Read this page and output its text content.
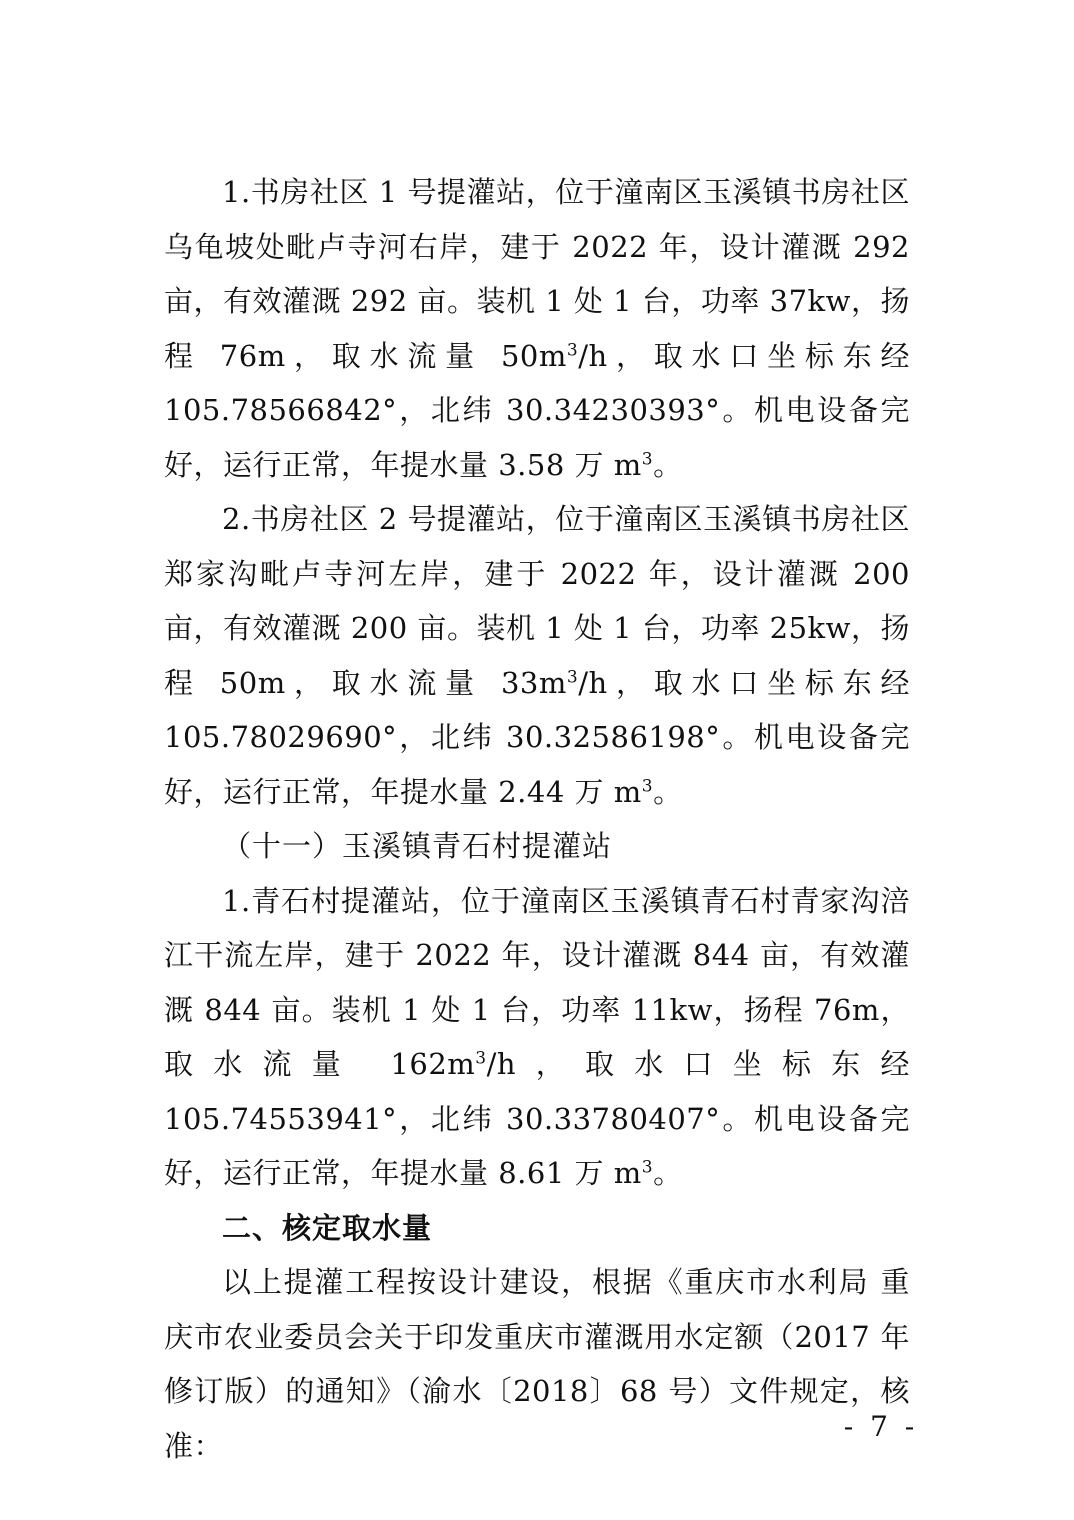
1.书房社区 1 号提灌站，位于潼南区玉溪镇书房社区乌龟坡处毗卢寺河右岸，建于 2022 年，设计灌溉 292 亩，有效灌溉 292 亩。装机 1 处 1 台，功率 37kw，扬程 76m，取水流量 $50m^3/h$，取水口坐标东经 105.78566842°，北纬 30.34230393°。机电设备完好，运行正常，年提水量 3.58 万 $m^3$。

2.书房社区 2 号提灌站，位于潼南区玉溪镇书房社区郑家沟毗卢寺河左岸，建于 2022 年，设计灌溉 200 亩，有效灌溉 200 亩。装机 1 处 1 台，功率 25kw，扬程 50m，取水流量 $33m^3/h$，取水口坐标东经 105.78029690°，北纬 30.32586198°。机电设备完好，运行正常，年提水量 2.44 万 $m^3$。

（十一）玉溪镇青石村提灌站

1.青石村提灌站，位于潼南区玉溪镇青石村青家沟涪江干流左岸，建于 2022 年，设计灌溉 844 亩，有效灌溉 844 亩。装机 1 处 1 台，功率 11kw，扬程 76m，取水流量 $162m^3/h$，取水口坐标东经 105.74553941°，北纬 30.33780407°。机电设备完好，运行正常，年提水量 8.61 万 $m^3$。

二、核定取水量

以上提灌工程按设计建设，根据《重庆市水利局 重庆市农业委员会关于印发重庆市灌溉用水定额（2017 年修订版）的通知》（渝水〔2018〕68 号）文件规定，核准：

- 7 -
